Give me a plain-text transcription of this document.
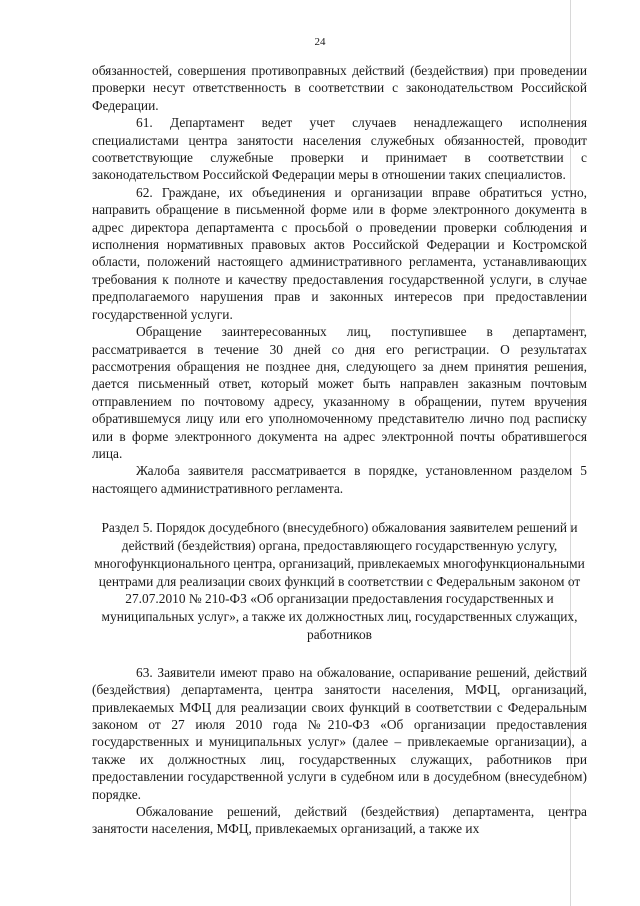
24

обязанностей, совершения противоправных действий (бездействия) при проведении проверки несут ответственность в соответствии с законодательством Российской Федерации.

61. Департамент ведет учет случаев ненадлежащего исполнения специалистами центра занятости населения служебных обязанностей, проводит соответствующие служебные проверки и принимает в соответствии с законодательством Российской Федерации меры в отношении таких специалистов.

62. Граждане, их объединения и организации вправе обратиться устно, направить обращение в письменной форме или в форме электронного документа в адрес директора департамента с просьбой о проведении проверки соблюдения и исполнения нормативных правовых актов Российской Федерации и Костромской области, положений настоящего административного регламента, устанавливающих требования к полноте и качеству предоставления государственной услуги, в случае предполагаемого нарушения прав и законных интересов при предоставлении государственной услуги.

Обращение заинтересованных лиц, поступившее в департамент, рассматривается в течение 30 дней со дня его регистрации. О результатах рассмотрения обращения не позднее дня, следующего за днем принятия решения, дается письменный ответ, который может быть направлен заказным почтовым отправлением по почтовому адресу, указанному в обращении, путем вручения обратившемуся лицу или его уполномоченному представителю лично под расписку или в форме электронного документа на адрес электронной почты обратившегося лица.

Жалоба заявителя рассматривается в порядке, установленном разделом 5 настоящего административного регламента.

Раздел 5. Порядок досудебного (внесудебного) обжалования заявителем решений и действий (бездействия) органа, предоставляющего государственную услугу, многофункционального центра, организаций, привлекаемых многофункциональными центрами для реализации своих функций в соответствии с Федеральным законом от 27.07.2010 № 210-ФЗ «Об организации предоставления государственных и муниципальных услуг», а также их должностных лиц, государственных служащих, работников

63. Заявители имеют право на обжалование, оспаривание решений, действий (бездействия) департамента, центра занятости населения, МФЦ, организаций, привлекаемых МФЦ для реализации своих функций в соответствии с Федеральным законом от 27 июля 2010 года №210-ФЗ «Об организации предоставления государственных и муниципальных услуг» (далее – привлекаемые организации), а также их должностных лиц, государственных служащих, работников при предоставлении государственной услуги в судебном или в досудебном (внесудебном) порядке.

Обжалование решений, действий (бездействия) департамента, центра занятости населения, МФЦ, привлекаемых организаций, а также их
